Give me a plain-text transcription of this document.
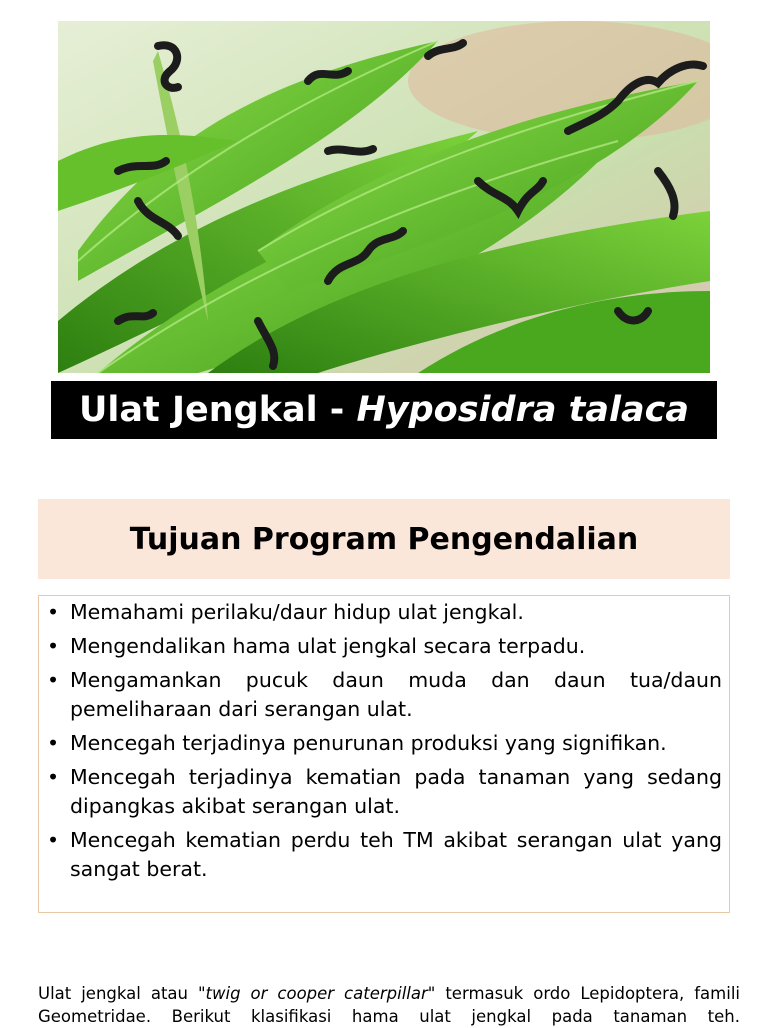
Ulat Jengkal - Hyposidra talaca
Tujuan Program Pengendalian
• Memahami perilaku/daur hidup ulat jengkal.
• Mengendalikan hama ulat jengkal secara terpadu.
• Mengamankan pucuk daun muda dan daun tua/daun pemeliharaan dari serangan ulat.
• Mencegah terjadinya penurunan produksi yang signifikan.
• Mencegah terjadinya kematian pada tanaman yang sedang dipangkas akibat serangan ulat.
• Mencegah kematian perdu teh TM akibat serangan ulat yang sangat berat.
Ulat jengkal atau "twig or cooper caterpillar" termasuk ordo Lepidoptera, famili Geometridae. Berikut klasifikasi hama ulat jengkal pada tanaman teh.
